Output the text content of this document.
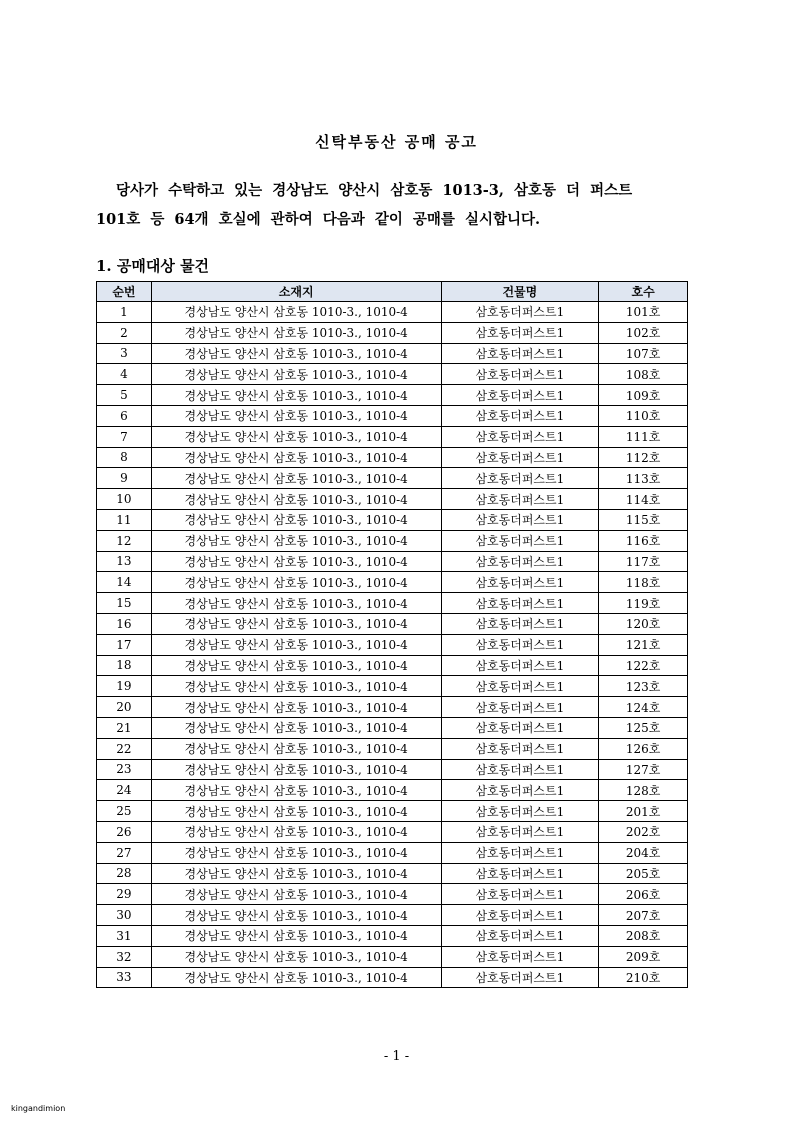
신탁부동산 공매 공고
당사가 수탁하고 있는 경상남도 양산시 삼호동 1013-3, 삼호동 더 퍼스트
101호 등 64개 호실에 관하여 다음과 같이 공매를 실시합니다.
1. 공매대상 물건
순번	소재지	건물명	호수
1	경상남도 양산시 삼호동 1010-3., 1010-4	삼호동더퍼스트1	101호
2	경상남도 양산시 삼호동 1010-3., 1010-4	삼호동더퍼스트1	102호
3	경상남도 양산시 삼호동 1010-3., 1010-4	삼호동더퍼스트1	107호
4	경상남도 양산시 삼호동 1010-3., 1010-4	삼호동더퍼스트1	108호
5	경상남도 양산시 삼호동 1010-3., 1010-4	삼호동더퍼스트1	109호
6	경상남도 양산시 삼호동 1010-3., 1010-4	삼호동더퍼스트1	110호
7	경상남도 양산시 삼호동 1010-3., 1010-4	삼호동더퍼스트1	111호
8	경상남도 양산시 삼호동 1010-3., 1010-4	삼호동더퍼스트1	112호
9	경상남도 양산시 삼호동 1010-3., 1010-4	삼호동더퍼스트1	113호
10	경상남도 양산시 삼호동 1010-3., 1010-4	삼호동더퍼스트1	114호
11	경상남도 양산시 삼호동 1010-3., 1010-4	삼호동더퍼스트1	115호
12	경상남도 양산시 삼호동 1010-3., 1010-4	삼호동더퍼스트1	116호
13	경상남도 양산시 삼호동 1010-3., 1010-4	삼호동더퍼스트1	117호
14	경상남도 양산시 삼호동 1010-3., 1010-4	삼호동더퍼스트1	118호
15	경상남도 양산시 삼호동 1010-3., 1010-4	삼호동더퍼스트1	119호
16	경상남도 양산시 삼호동 1010-3., 1010-4	삼호동더퍼스트1	120호
17	경상남도 양산시 삼호동 1010-3., 1010-4	삼호동더퍼스트1	121호
18	경상남도 양산시 삼호동 1010-3., 1010-4	삼호동더퍼스트1	122호
19	경상남도 양산시 삼호동 1010-3., 1010-4	삼호동더퍼스트1	123호
20	경상남도 양산시 삼호동 1010-3., 1010-4	삼호동더퍼스트1	124호
21	경상남도 양산시 삼호동 1010-3., 1010-4	삼호동더퍼스트1	125호
22	경상남도 양산시 삼호동 1010-3., 1010-4	삼호동더퍼스트1	126호
23	경상남도 양산시 삼호동 1010-3., 1010-4	삼호동더퍼스트1	127호
24	경상남도 양산시 삼호동 1010-3., 1010-4	삼호동더퍼스트1	128호
25	경상남도 양산시 삼호동 1010-3., 1010-4	삼호동더퍼스트1	201호
26	경상남도 양산시 삼호동 1010-3., 1010-4	삼호동더퍼스트1	202호
27	경상남도 양산시 삼호동 1010-3., 1010-4	삼호동더퍼스트1	204호
28	경상남도 양산시 삼호동 1010-3., 1010-4	삼호동더퍼스트1	205호
29	경상남도 양산시 삼호동 1010-3., 1010-4	삼호동더퍼스트1	206호
30	경상남도 양산시 삼호동 1010-3., 1010-4	삼호동더퍼스트1	207호
31	경상남도 양산시 삼호동 1010-3., 1010-4	삼호동더퍼스트1	208호
32	경상남도 양산시 삼호동 1010-3., 1010-4	삼호동더퍼스트1	209호
33	경상남도 양산시 삼호동 1010-3., 1010-4	삼호동더퍼스트1	210호
- 1 -
kingandimion
